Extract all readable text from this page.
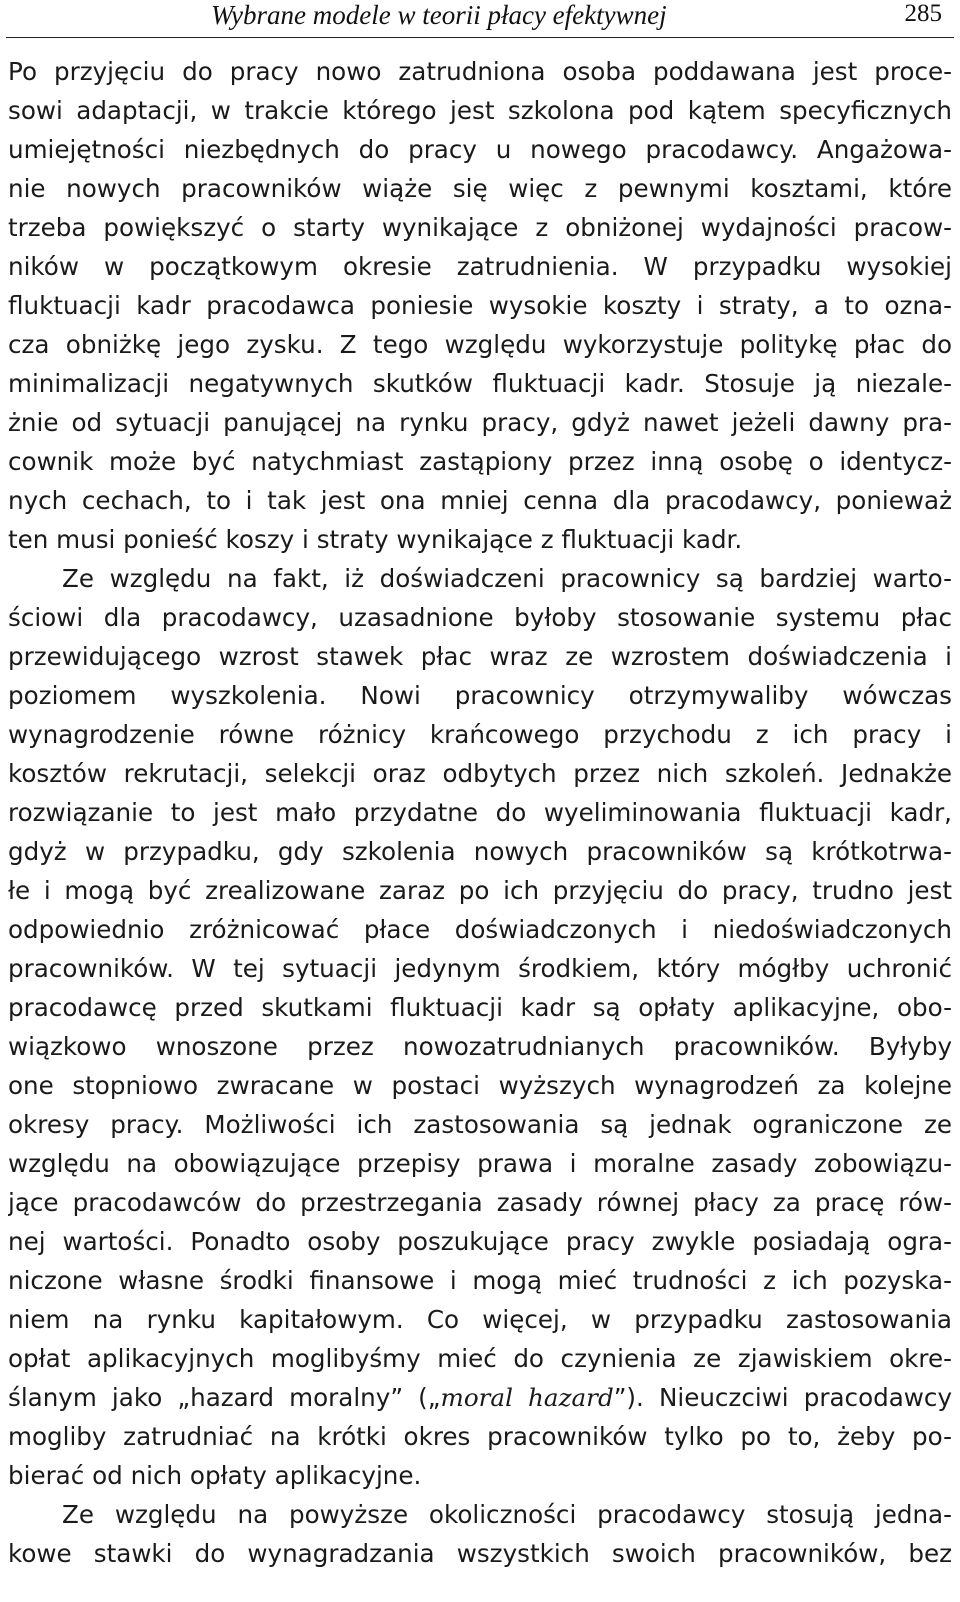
Wybrane modele w teorii płacy efektywnej	285
Po przyjęciu do pracy nowo zatrudniona osoba poddawana jest proce-
sowi adaptacji, w trakcie którego jest szkolona pod kątem specyficznych
umiejętności niezbędnych do pracy u nowego pracodawcy. Angażowa-
nie nowych pracowników wiąże się więc z pewnymi kosztami, które
trzeba powiększyć o starty wynikające z obniżonej wydajności pracow-
ników w początkowym okresie zatrudnienia. W przypadku wysokiej
fluktuacji kadr pracodawca poniesie wysokie koszty i straty, a to ozna-
cza obniżkę jego zysku. Z tego względu wykorzystuje politykę płac do
minimalizacji negatywnych skutków fluktuacji kadr. Stosuje ją niezale-
żnie od sytuacji panującej na rynku pracy, gdyż nawet jeżeli dawny pra-
cownik może być natychmiast zastąpiony przez inną osobę o identycz-
nych cechach, to i tak jest ona mniej cenna dla pracodawcy, ponieważ
ten musi ponieść koszy i straty wynikające z fluktuacji kadr.
Ze względu na fakt, iż doświadczeni pracownicy są bardziej warto-
ściowi dla pracodawcy, uzasadnione byłoby stosowanie systemu płac
przewidującego wzrost stawek płac wraz ze wzrostem doświadczenia i
poziomem wyszkolenia. Nowi pracownicy otrzymywaliby wówczas
wynagrodzenie równe różnicy krańcowego przychodu z ich pracy i
kosztów rekrutacji, selekcji oraz odbytych przez nich szkoleń. Jednakże
rozwiązanie to jest mało przydatne do wyeliminowania fluktuacji kadr,
gdyż w przypadku, gdy szkolenia nowych pracowników są krótkotrwa-
łe i mogą być zrealizowane zaraz po ich przyjęciu do pracy, trudno jest
odpowiednio zróżnicować płace doświadczonych i niedoświadczonych
pracowników. W tej sytuacji jedynym środkiem, który mógłby uchronić
pracodawcę przed skutkami fluktuacji kadr są opłaty aplikacyjne, obo-
wiązkowo wnoszone przez nowozatrudnianych pracowników. Byłyby
one stopniowo zwracane w postaci wyższych wynagrodzeń za kolejne
okresy pracy. Możliwości ich zastosowania są jednak ograniczone ze
względu na obowiązujące przepisy prawa i moralne zasady zobowiązu-
jące pracodawców do przestrzegania zasady równej płacy za pracę rów-
nej wartości. Ponadto osoby poszukujące pracy zwykle posiadają ogra-
niczone własne środki finansowe i mogą mieć trudności z ich pozyska-
niem na rynku kapitałowym. Co więcej, w przypadku zastosowania
opłat aplikacyjnych moglibyśmy mieć do czynienia ze zjawiskiem okre-
ślanym jako „hazard moralny” („moral hazard”). Nieuczciwi pracodawcy
mogliby zatrudniać na krótki okres pracowników tylko po to, żeby po-
bierać od nich opłaty aplikacyjne.
Ze względu na powyższe okoliczności pracodawcy stosują jedna-
kowe stawki do wynagradzania wszystkich swoich pracowników, bez
